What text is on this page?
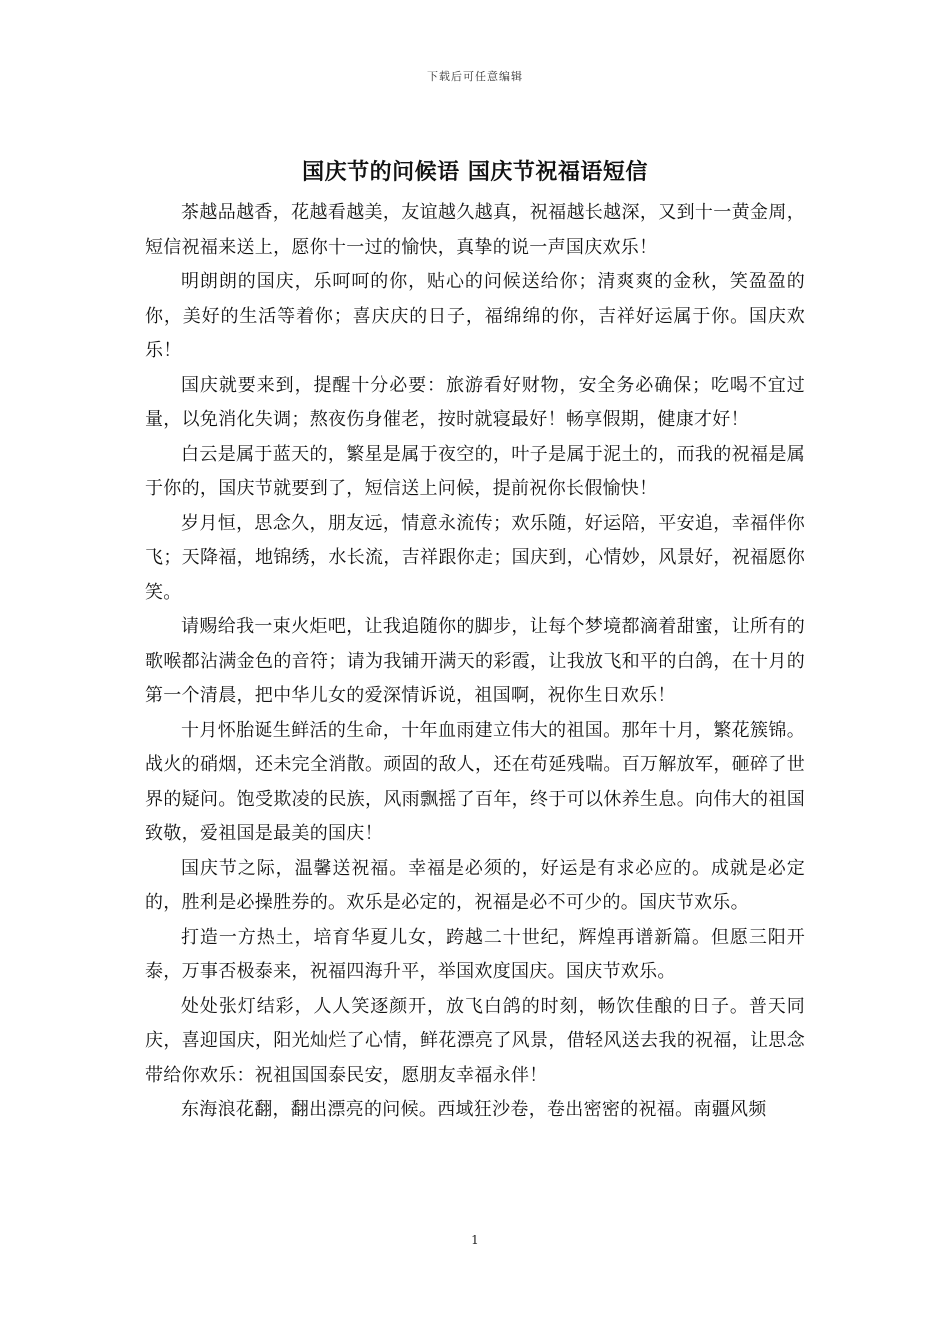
下载后可任意编辑
国庆节的问候语 国庆节祝福语短信

茶越品越香，花越看越美，友谊越久越真，祝福越长越深，又到十一黄金周，短信祝福来送上，愿你十一过的愉快，真挚的说一声国庆欢乐！

明朗朗的国庆，乐呵呵的你，贴心的问候送给你；清爽爽的金秋，笑盈盈的你，美好的生活等着你；喜庆庆的日子，福绵绵的你，吉祥好运属于你。国庆欢乐！

国庆就要来到，提醒十分必要：旅游看好财物，安全务必确保；吃喝不宜过量，以免消化失调；熬夜伤身催老，按时就寝最好！畅享假期，健康才好！

白云是属于蓝天的，繁星是属于夜空的，叶子是属于泥土的，而我的祝福是属于你的，国庆节就要到了，短信送上问候，提前祝你长假愉快！

岁月恒，思念久，朋友远，情意永流传；欢乐随，好运陪，平安追，幸福伴你飞；天降福，地锦绣，水长流，吉祥跟你走；国庆到，心情妙，风景好，祝福愿你笑。

请赐给我一束火炬吧，让我追随你的脚步，让每个梦境都滴着甜蜜，让所有的歌喉都沾满金色的音符；请为我铺开满天的彩霞，让我放飞和平的白鸽，在十月的第一个清晨，把中华儿女的爱深情诉说，祖国啊，祝你生日欢乐！

十月怀胎诞生鲜活的生命，十年血雨建立伟大的祖国。那年十月，繁花簇锦。战火的硝烟，还未完全消散。顽固的敌人，还在苟延残喘。百万解放军，砸碎了世界的疑问。饱受欺凌的民族，风雨飘摇了百年，终于可以休养生息。向伟大的祖国致敬，爱祖国是最美的国庆！

国庆节之际，温馨送祝福。幸福是必须的，好运是有求必应的。成就是必定的，胜利是必操胜券的。欢乐是必定的，祝福是必不可少的。国庆节欢乐。

打造一方热土，培育华夏儿女，跨越二十世纪，辉煌再谱新篇。但愿三阳开泰，万事否极泰来，祝福四海升平，举国欢度国庆。国庆节欢乐。

处处张灯结彩，人人笑逐颜开，放飞白鸽的时刻，畅饮佳酿的日子。普天同庆，喜迎国庆，阳光灿烂了心情，鲜花漂亮了风景，借轻风送去我的祝福，让思念带给你欢乐：祝祖国国泰民安，愿朋友幸福永伴！

东海浪花翻，翻出漂亮的问候。西域狂沙卷，卷出密密的祝福。南疆风频

1
